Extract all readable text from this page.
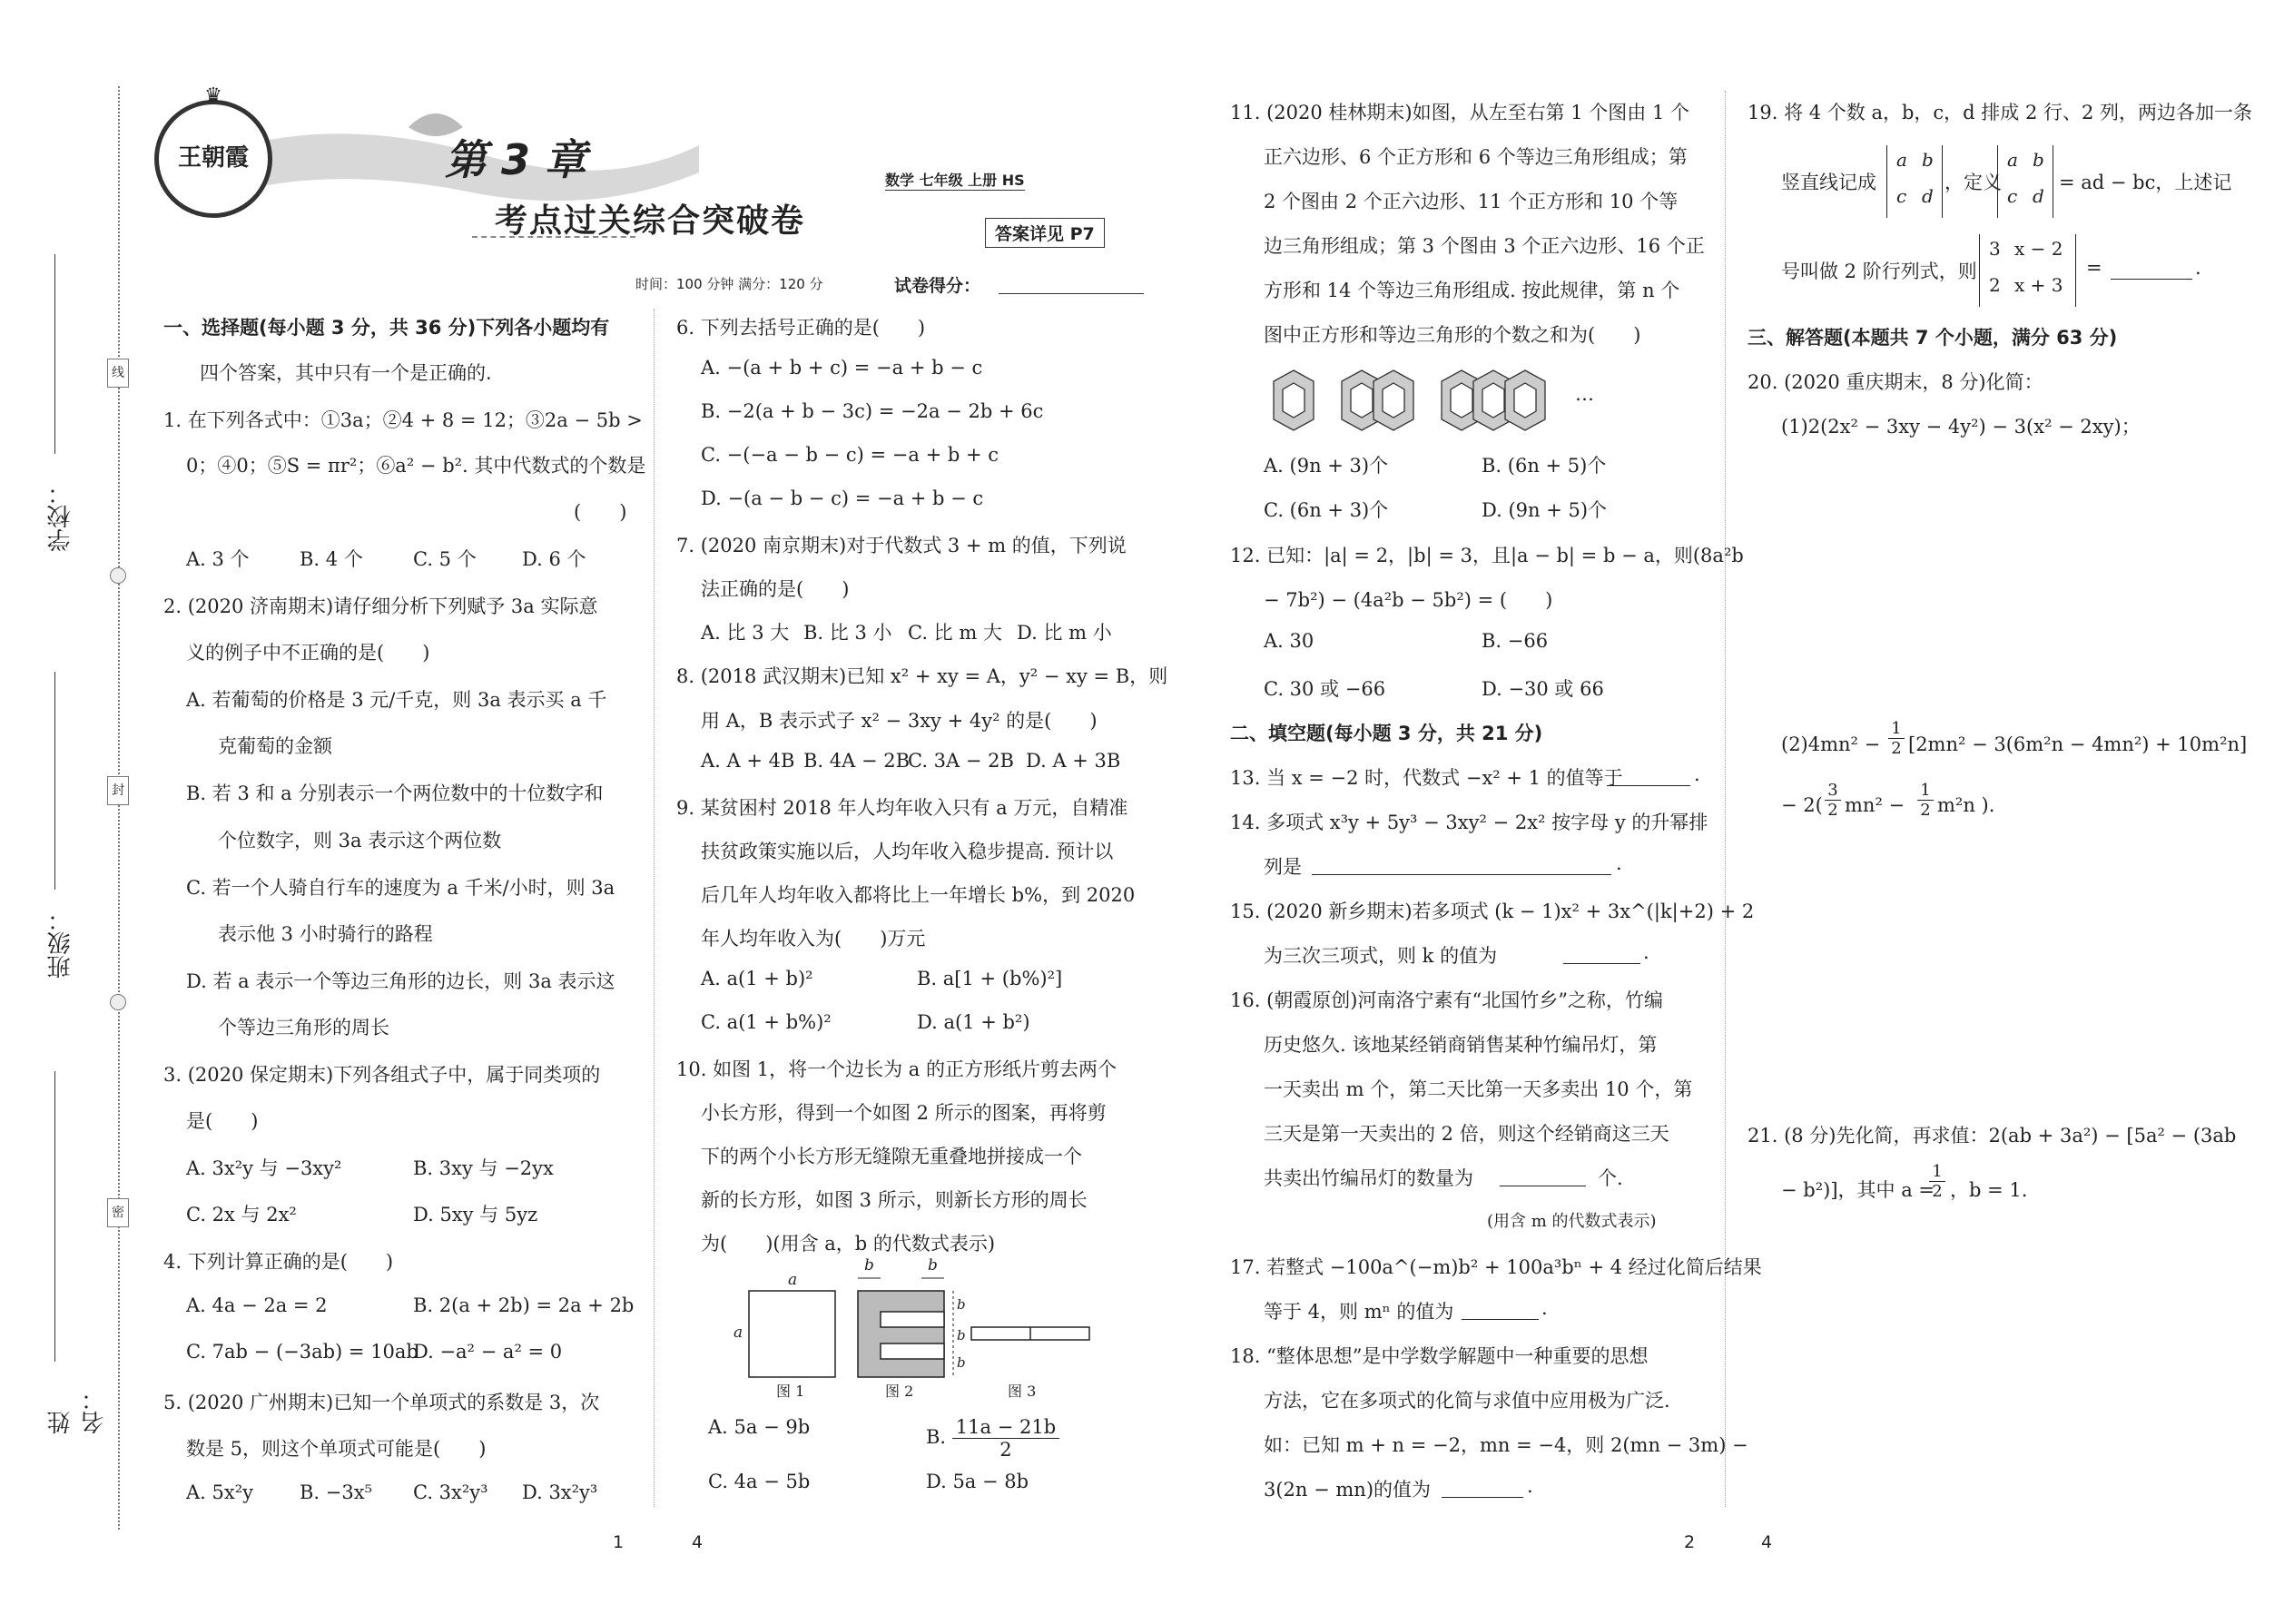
学校：
班级：
姓名：
线
封
密
♛
王朝霞	第 3 章
考点过关综合突破卷
数学 七年级 上册 HS
答案详见 P7
时间：100 分钟 满分：120 分	试卷得分：
一、选择题(每小题 3 分，共 36 分)下列各小题均有
四个答案，其中只有一个是正确的.
1. 在下列各式中：①3a；②4 + 8 = 12；③2a − 5b >
0；④0；⑤S = πr²；⑥a² − b². 其中代数式的个数是
(　　)
A. 3 个	B. 4 个	C. 5 个 D. 6 个
2. (2020 济南期末)请仔细分析下列赋予 3a 实际意
义的例子中不正确的是(　　)
A. 若葡萄的价格是 3 元/千克，则 3a 表示买 a 千
克葡萄的金额
B. 若 3 和 a 分别表示一个两位数中的十位数字和
个位数字，则 3a 表示这个两位数
C. 若一个人骑自行车的速度为 a 千米/小时，则 3a
表示他 3 小时骑行的路程
D. 若 a 表示一个等边三角形的边长，则 3a 表示这
个等边三角形的周长
3. (2020 保定期末)下列各组式子中，属于同类项的
是(　　)
A. 3x²y 与 −3xy²	B. 3xy 与 −2yx
C. 2x 与 2x²	D. 5xy 与 5yz
4. 下列计算正确的是(　　)
A. 4a − 2a = 2	B. 2(a + 2b) = 2a + 2b
C. 7ab − (−3ab) = 10ab
D. −a² − a² = 0
5. (2020 广州期末)已知一个单项式的系数是 3，次
数是 5，则这个单项式可能是(　　)
A. 5x²y B. −3x⁵ C. 3x²y³ D. 3x²y³
6. 下列去括号正确的是(　　)
A. −(a + b + c) = −a + b − c
B. −2(a + b − 3c) = −2a − 2b + 6c
C. −(−a − b − c) = −a + b + c
D. −(a − b − c) = −a + b − c
7. (2020 南京期末)对于代数式 3 + m 的值，下列说
法正确的是(　　)
A. 比 3 大 B. 比 3 小 C. 比 m 大 D. 比 m 小
8. (2018 武汉期末)已知 x² + xy = A，y² − xy = B，则
用 A，B 表示式子 x² − 3xy + 4y² 的是(　　)
A. A + 4B B. 4A − 2B
C. 3A − 2B D. A + 3B
9. 某贫困村 2018 年人均年收入只有 a 万元，自精准
扶贫政策实施以后，人均年收入稳步提高. 预计以
后几年人均年收入都将比上一年增长 b%，到 2020
年人均年收入为(　　)万元
A. a(1 + b)²	B. a[1 + (b%)²]
C. a(1 + b%)²	D. a(1 + b²)
10. 如图 1，将一个边长为 a 的正方形纸片剪去两个
小长方形，得到一个如图 2 所示的图案，再将剪
下的两个小长方形无缝隙无重叠地拼接成一个
新的长方形，如图 3 所示，则新长方形的周长
为(　　)(用含 a，b 的代数式表示)
a
a
b	b
b
b
b
图 1	图 2	图 3
A. 5a − 9b	B. $\frac{11a - 21b}{2}$
C. 4a − 5b	D. 5a − 8b
1	4
11. (2020 桂林期末)如图，从左至右第 1 个图由 1 个
正六边形、6 个正方形和 6 个等边三角形组成；第
2 个图由 2 个正六边形、11 个正方形和 10 个等
边三角形组成；第 3 个图由 3 个正六边形、16 个正
方形和 14 个等边三角形组成. 按此规律，第 n 个
图中正方形和等边三角形的个数之和为(　　)
…
A. (9n + 3)个	B. (6n + 5)个
C. (6n + 3)个	D. (9n + 5)个
12. 已知：|a| = 2，|b| = 3，且|a − b| = b − a，则(8a²b
− 7b²) − (4a²b − 5b²) = (　　)
A. 30	B. −66
C. 30 或 −66	D. −30 或 66
二、填空题(每小题 3 分，共 21 分)
13. 当 x = −2 时，代数式 −x² + 1 的值等于	.
14. 多项式 x³y + 5y³ − 3xy² − 2x² 按字母 y 的升幂排
列是	.
15. (2020 新乡期末)若多项式 (k − 1)x² + 3x^(|k|+2) + 2
为三次三项式，则 k 的值为	.
16. (朝霞原创)河南洛宁素有“北国竹乡”之称，竹编
历史悠久. 该地某经销商销售某种竹编吊灯，第
一天卖出 m 个，第二天比第一天多卖出 10 个，第
三天是第一天卖出的 2 倍，则这个经销商这三天
共卖出竹编吊灯的数量为	个.
(用含 m 的代数式表示)
17. 若整式 −100a^(−m)b² + 100a³bⁿ + 4 经过化简后结果
等于 4，则 mⁿ 的值为	.
18. “整体思想”是中学数学解题中一种重要的思想
方法，它在多项式的化简与求值中应用极为广泛.
如：已知 m + n = −2，mn = −4，则 2(mn − 3m) −
3(2n − mn)的值为	.
2	4
19. 将 4 个数 a，b，c，d 排成 2 行、2 列，两边各加一条
竖直线记成
a b
c d
，定义
a b
c d
= ad − bc，上述记
号叫做 2 阶行列式，则
3 x − 2
2 x + 3
=	.
三、解答题(本题共 7 个小题，满分 63 分)
20. (2020 重庆期末，8 分)化简：
(1)2(2x² − 3xy − 4y²) − 3(x² − 2xy)；
(2)4mn² −
1
2 [2mn² − 3(6m²n − 4mn²) + 10m²n]
− 2(
3
2 mn² −
1
2 m²n ).
21. (8 分)先化简，再求值：2(ab + 3a²) − [5a² − (3ab
− b²)]，其中 a =
1
2 ，b = 1.
